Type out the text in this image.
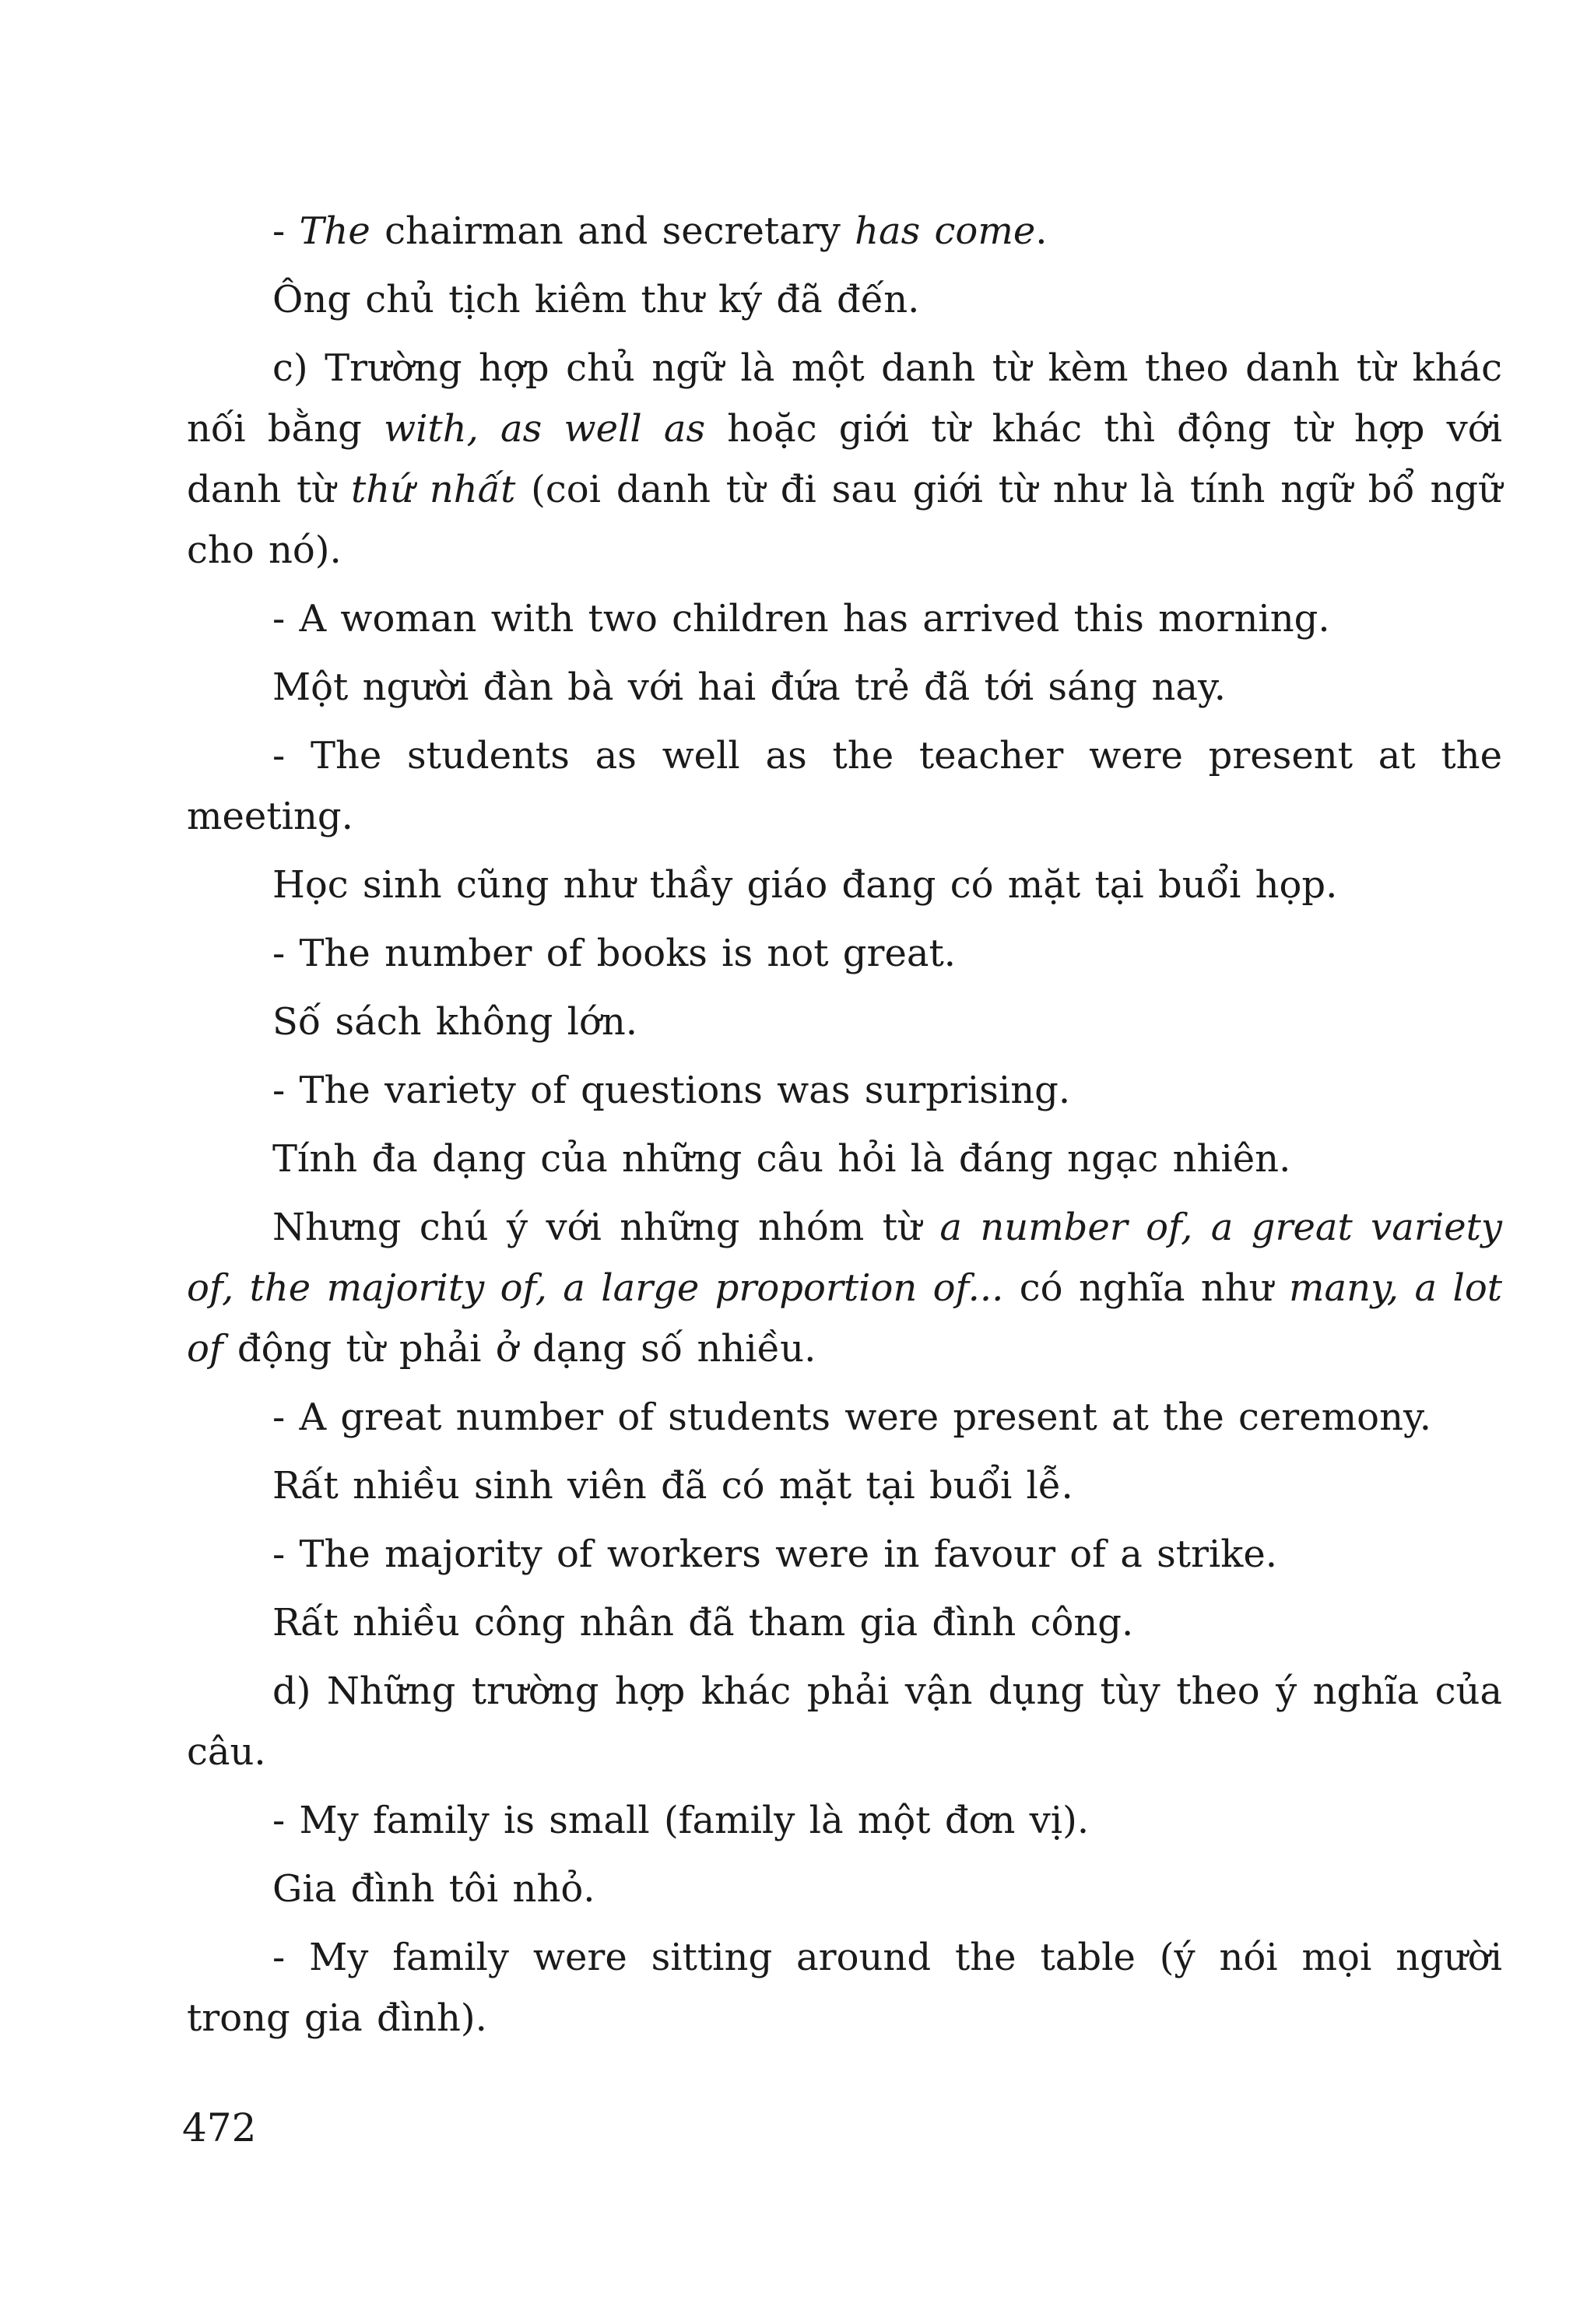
- The chairman and secretary has come.

Ông chủ tịch kiêm thư ký đã đến.

c) Trường hợp chủ ngữ là một danh từ kèm theo danh từ khác nối bằng with, as well as hoặc giới từ khác thì động từ hợp với danh từ thứ nhất (coi danh từ đi sau giới từ như là tính ngữ bổ ngữ cho nó).

- A woman with two children has arrived this morning.

Một người đàn bà với hai đứa trẻ đã tới sáng nay.

- The students as well as the teacher were present at the meeting.

Học sinh cũng như thầy giáo đang có mặt tại buổi họp.

- The number of books is not great.

Số sách không lớn.

- The variety of questions was surprising.

Tính đa dạng của những câu hỏi là đáng ngạc nhiên.

Nhưng chú ý với những nhóm từ a number of, a great variety of, the majority of, a large proportion of... có nghĩa như many, a lot of động từ phải ở dạng số nhiều.

- A great number of students were present at the ceremony.

Rất nhiều sinh viên đã có mặt tại buổi lễ.

- The majority of workers were in favour of a strike.

Rất nhiều công nhân đã tham gia đình công.

d) Những trường hợp khác phải vận dụng tùy theo ý nghĩa của câu.

- My family is small (family là một đơn vị).

Gia đình tôi nhỏ.

- My family were sitting around the table (ý nói mọi người trong gia đình).

472
